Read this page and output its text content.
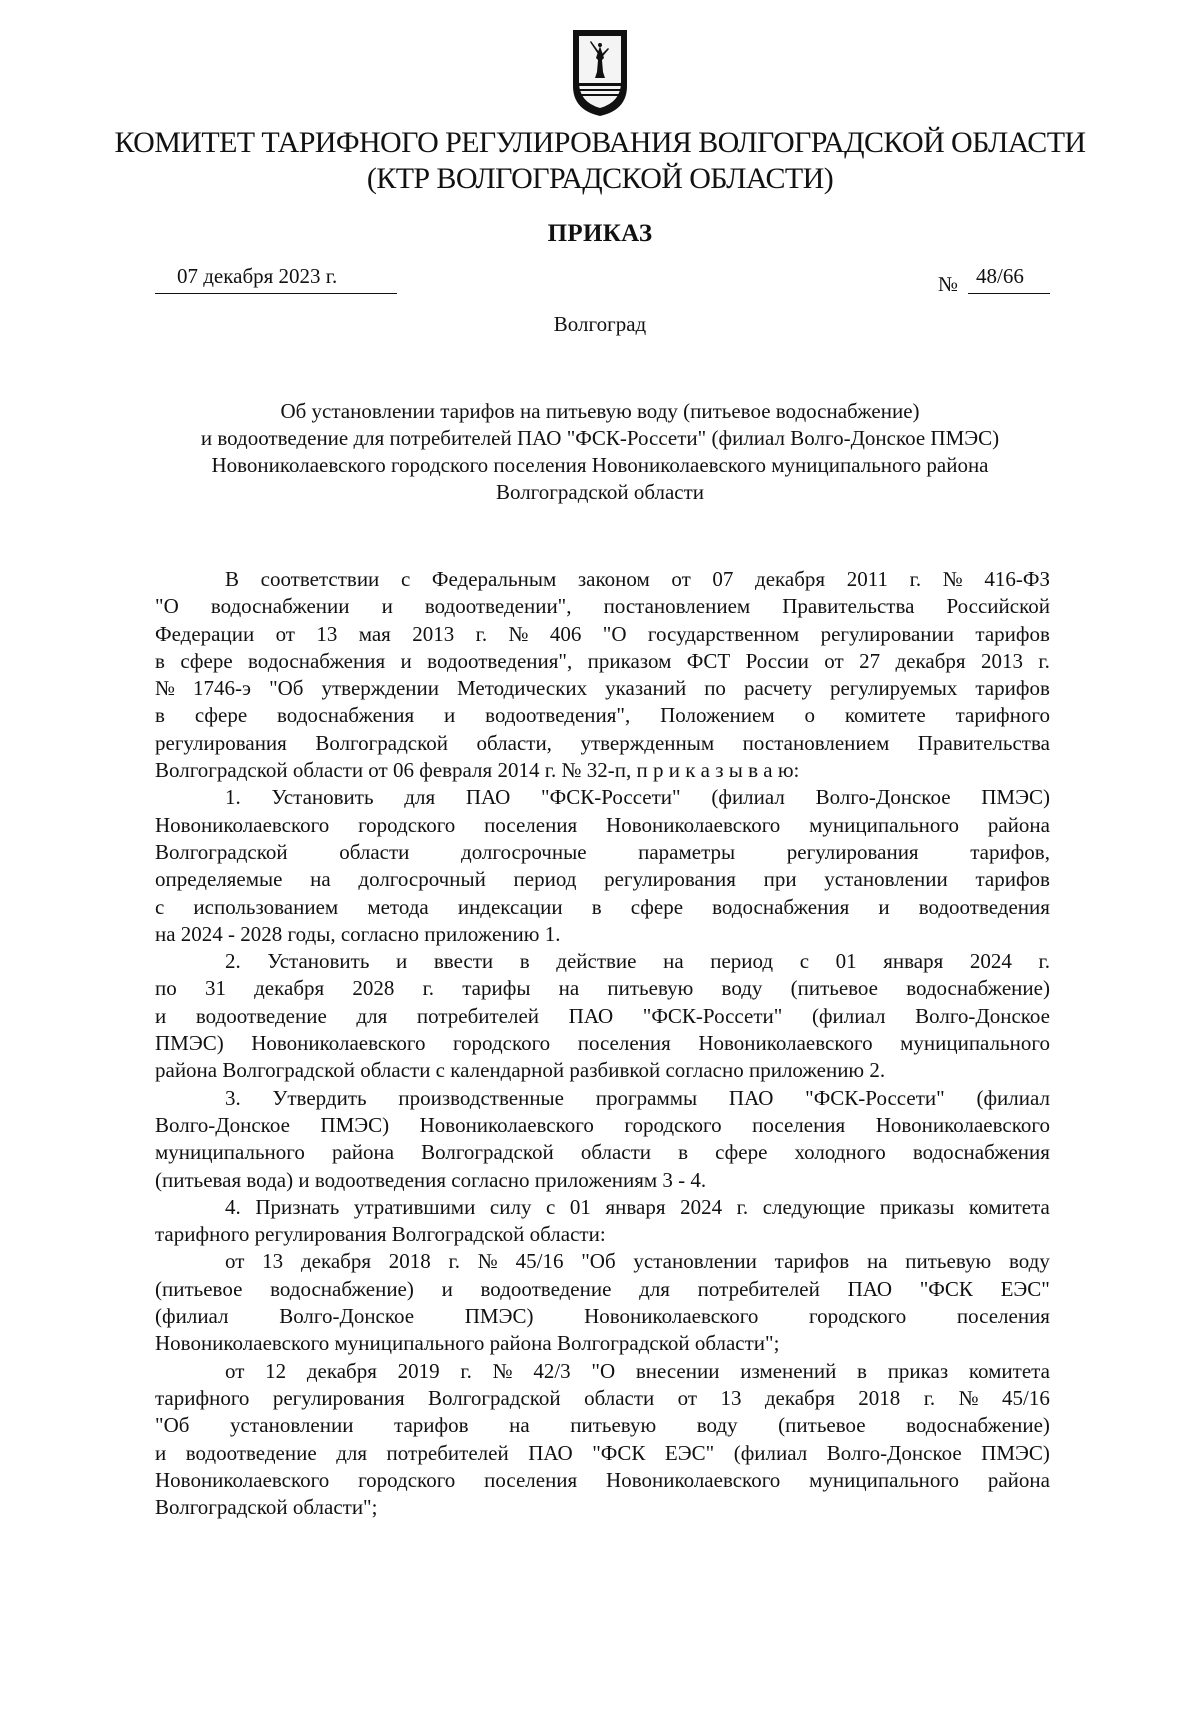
КОМИТЕТ ТАРИФНОГО РЕГУЛИРОВАНИЯ ВОЛГОГРАДСКОЙ ОБЛАСТИ
(КТР ВОЛГОГРАДСКОЙ ОБЛАСТИ)
ПРИКАЗ
07 декабря 2023 г.	№ 48/66
Волгоград
Об установлении тарифов на питьевую воду (питьевое водоснабжение)
и водоотведение для потребителей ПАО "ФСК-Россети" (филиал Волго-Донское ПМЭС)
Новониколаевского городского поселения Новониколаевского муниципального района
Волгоградской области
В соответствии с Федеральным законом от 07 декабря 2011 г. № 416-ФЗ
"О водоснабжении и водоотведении", постановлением Правительства Российской
Федерации от 13 мая 2013 г. № 406 "О государственном регулировании тарифов
в сфере водоснабжения и водоотведения", приказом ФСТ России от 27 декабря 2013 г.
№ 1746-э "Об утверждении Методических указаний по расчету регулируемых тарифов
в сфере водоснабжения и водоотведения", Положением о комитете тарифного
регулирования Волгоградской области, утвержденным постановлением Правительства
Волгоградской области от 06 февраля 2014 г. № 32-п, п р и к а з ы в а ю:
1. Установить для ПАО "ФСК-Россети" (филиал Волго-Донское ПМЭС)
Новониколаевского городского поселения Новониколаевского муниципального района
Волгоградской области долгосрочные параметры регулирования тарифов,
определяемые на долгосрочный период регулирования при установлении тарифов
с использованием метода индексации в сфере водоснабжения и водоотведения
на 2024 - 2028 годы, согласно приложению 1.
2. Установить и ввести в действие на период с 01 января 2024 г.
по 31 декабря 2028 г. тарифы на питьевую воду (питьевое водоснабжение)
и водоотведение для потребителей ПАО "ФСК-Россети" (филиал Волго-Донское
ПМЭС) Новониколаевского городского поселения Новониколаевского муниципального
района Волгоградской области с календарной разбивкой согласно приложению 2.
3. Утвердить производственные программы ПАО "ФСК-Россети" (филиал
Волго-Донское ПМЭС) Новониколаевского городского поселения Новониколаевского
муниципального района Волгоградской области в сфере холодного водоснабжения
(питьевая вода) и водоотведения согласно приложениям 3 - 4.
4. Признать утратившими силу с 01 января 2024 г. следующие приказы комитета
тарифного регулирования Волгоградской области:
от 13 декабря 2018 г. № 45/16 "Об установлении тарифов на питьевую воду
(питьевое водоснабжение) и водоотведение для потребителей ПАО "ФСК ЕЭС"
(филиал Волго-Донское ПМЭС) Новониколаевского городского поселения
Новониколаевского муниципального района Волгоградской области";
от 12 декабря 2019 г. № 42/3 "О внесении изменений в приказ комитета
тарифного регулирования Волгоградской области от 13 декабря 2018 г. № 45/16
"Об установлении тарифов на питьевую воду (питьевое водоснабжение)
и водоотведение для потребителей ПАО "ФСК ЕЭС" (филиал Волго-Донское ПМЭС)
Новониколаевского городского поселения Новониколаевского муниципального района
Волгоградской области";
